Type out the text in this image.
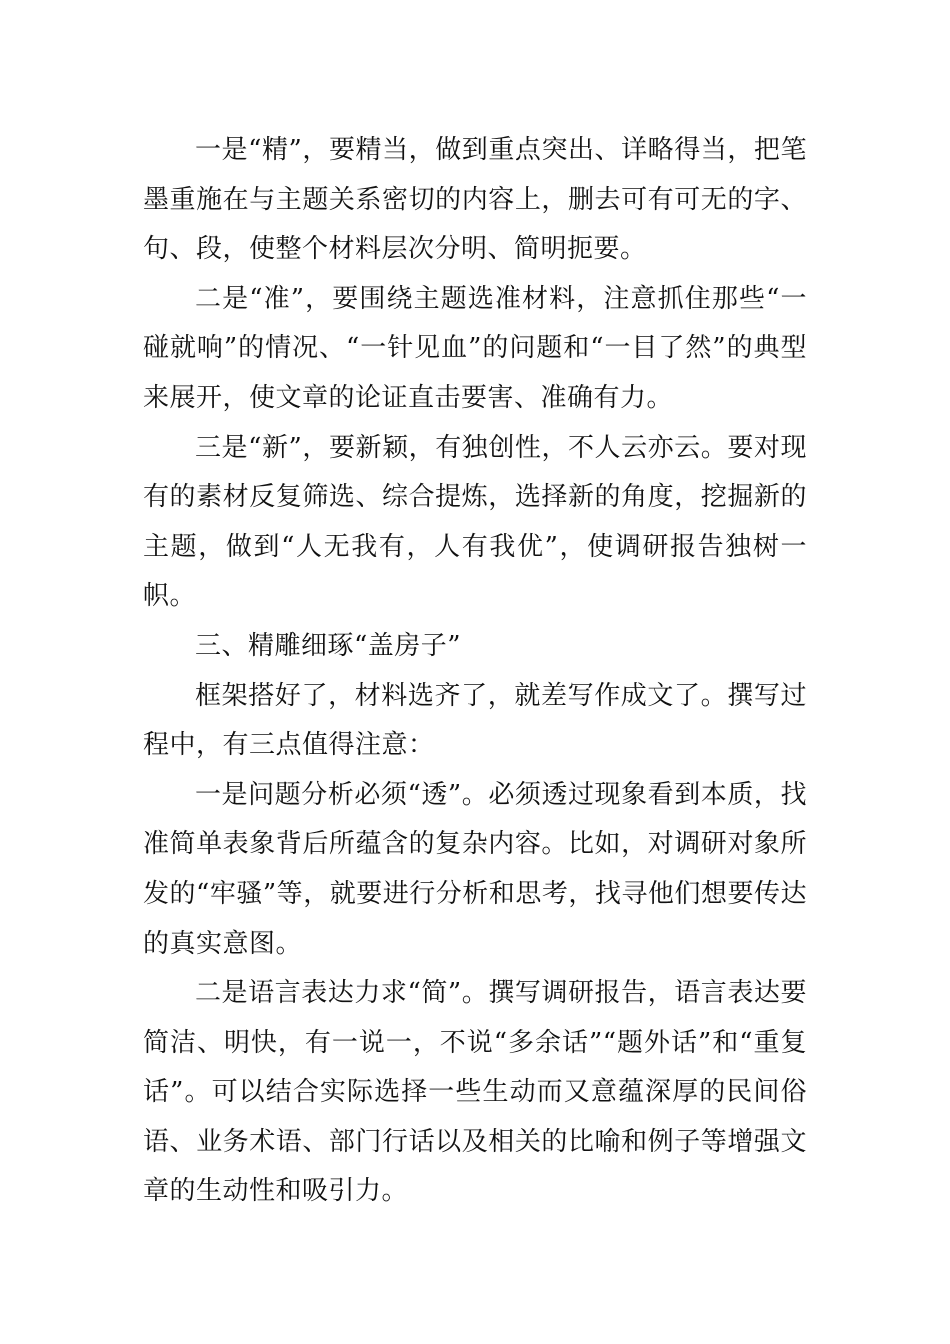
一是“精”，要精当，做到重点突出、详略得当，把笔墨重施在与主题关系密切的内容上，删去可有可无的字、句、段，使整个材料层次分明、简明扼要。

二是“准”，要围绕主题选准材料，注意抓住那些“一碰就响”的情况、“一针见血”的问题和“一目了然”的典型来展开，使文章的论证直击要害、准确有力。

三是“新”，要新颖，有独创性，不人云亦云。要对现有的素材反复筛选、综合提炼，选择新的角度，挖掘新的主题，做到“人无我有，人有我优”，使调研报告独树一帜。

三、精雕细琢“盖房子”

框架搭好了，材料选齐了，就差写作成文了。撰写过程中，有三点值得注意：

一是问题分析必须“透”。必须透过现象看到本质，找准简单表象背后所蕴含的复杂内容。比如，对调研对象所发的“牢骚”等，就要进行分析和思考，找寻他们想要传达的真实意图。

二是语言表达力求“简”。撰写调研报告，语言表达要简洁、明快，有一说一，不说“多余话”“题外话”和“重复话”。可以结合实际选择一些生动而又意蕴深厚的民间俗语、业务术语、部门行话以及相关的比喻和例子等增强文章的生动性和吸引力。
